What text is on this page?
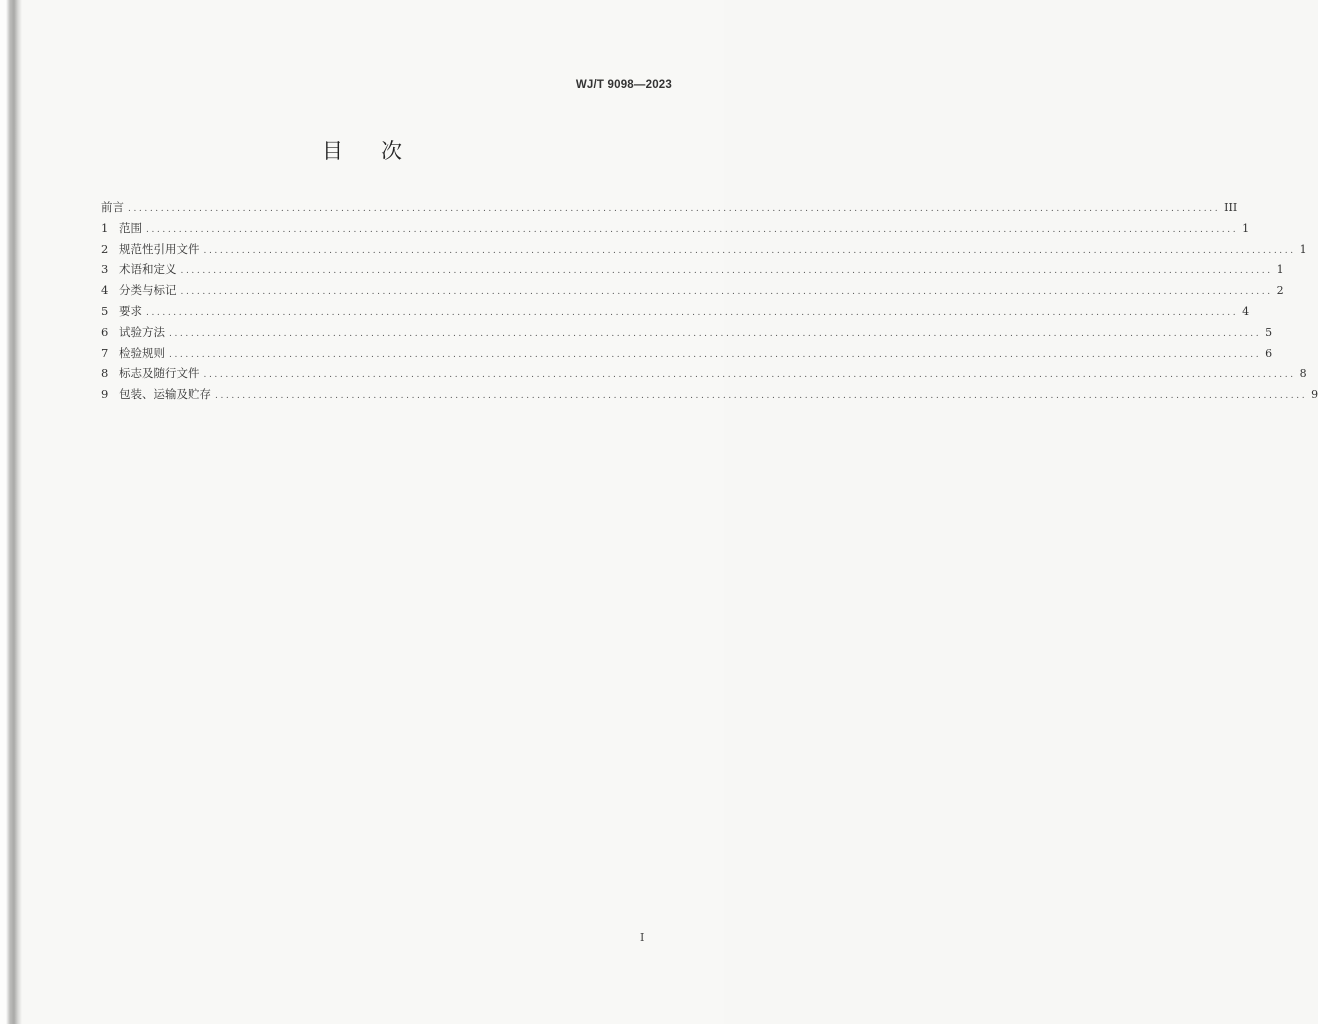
WJ/T 9098—2023
目次
前言 ........................................................................................................................................................................................................ III
1 范围 ........................................................................................................................................................................................................ 1
2 规范性引用文件 ........................................................................................................................................................................................................ 1
3 术语和定义 ........................................................................................................................................................................................................ 1
4 分类与标记 ........................................................................................................................................................................................................ 2
5 要求 ........................................................................................................................................................................................................ 4
6 试验方法 ........................................................................................................................................................................................................ 5
7 检验规则 ........................................................................................................................................................................................................ 6
8 标志及随行文件 ........................................................................................................................................................................................................ 8
9 包装、运输及贮存 ........................................................................................................................................................................................................ 9
I
